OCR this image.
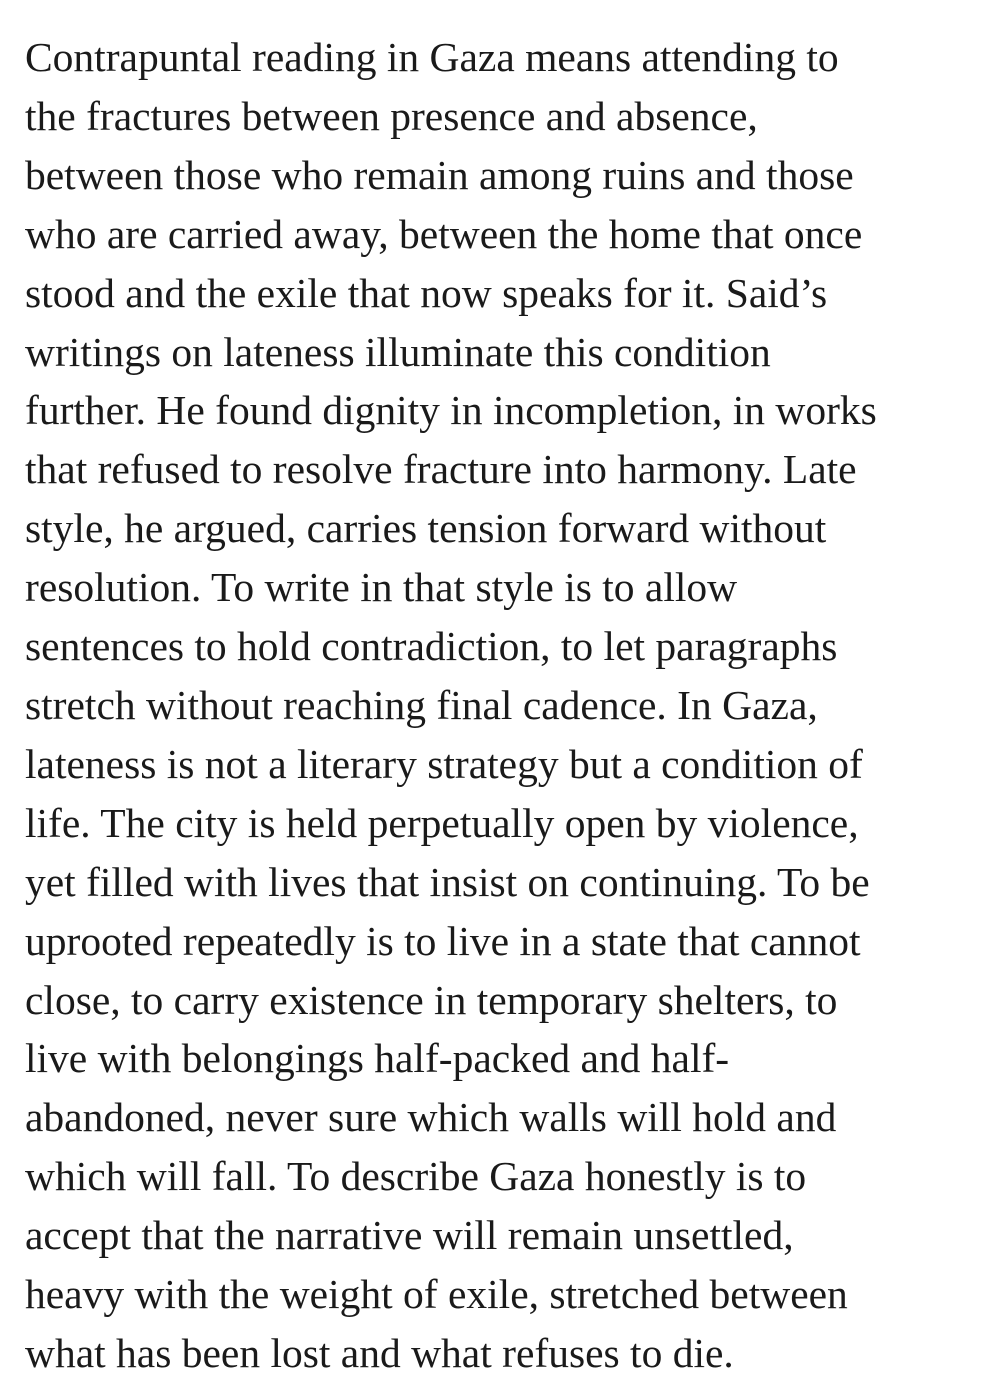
Contrapuntal reading in Gaza means attending to
the fractures between presence and absence,
between those who remain among ruins and those
who are carried away, between the home that once
stood and the exile that now speaks for it. Said’s
writings on lateness illuminate this condition
further. He found dignity in incompletion, in works
that refused to resolve fracture into harmony. Late
style, he argued, carries tension forward without
resolution. To write in that style is to allow
sentences to hold contradiction, to let paragraphs
stretch without reaching final cadence. In Gaza,
lateness is not a literary strategy but a condition of
life. The city is held perpetually open by violence,
yet filled with lives that insist on continuing. To be
uprooted repeatedly is to live in a state that cannot
close, to carry existence in temporary shelters, to
live with belongings half-packed and half-
abandoned, never sure which walls will hold and
which will fall. To describe Gaza honestly is to
accept that the narrative will remain unsettled,
heavy with the weight of exile, stretched between
what has been lost and what refuses to die.
